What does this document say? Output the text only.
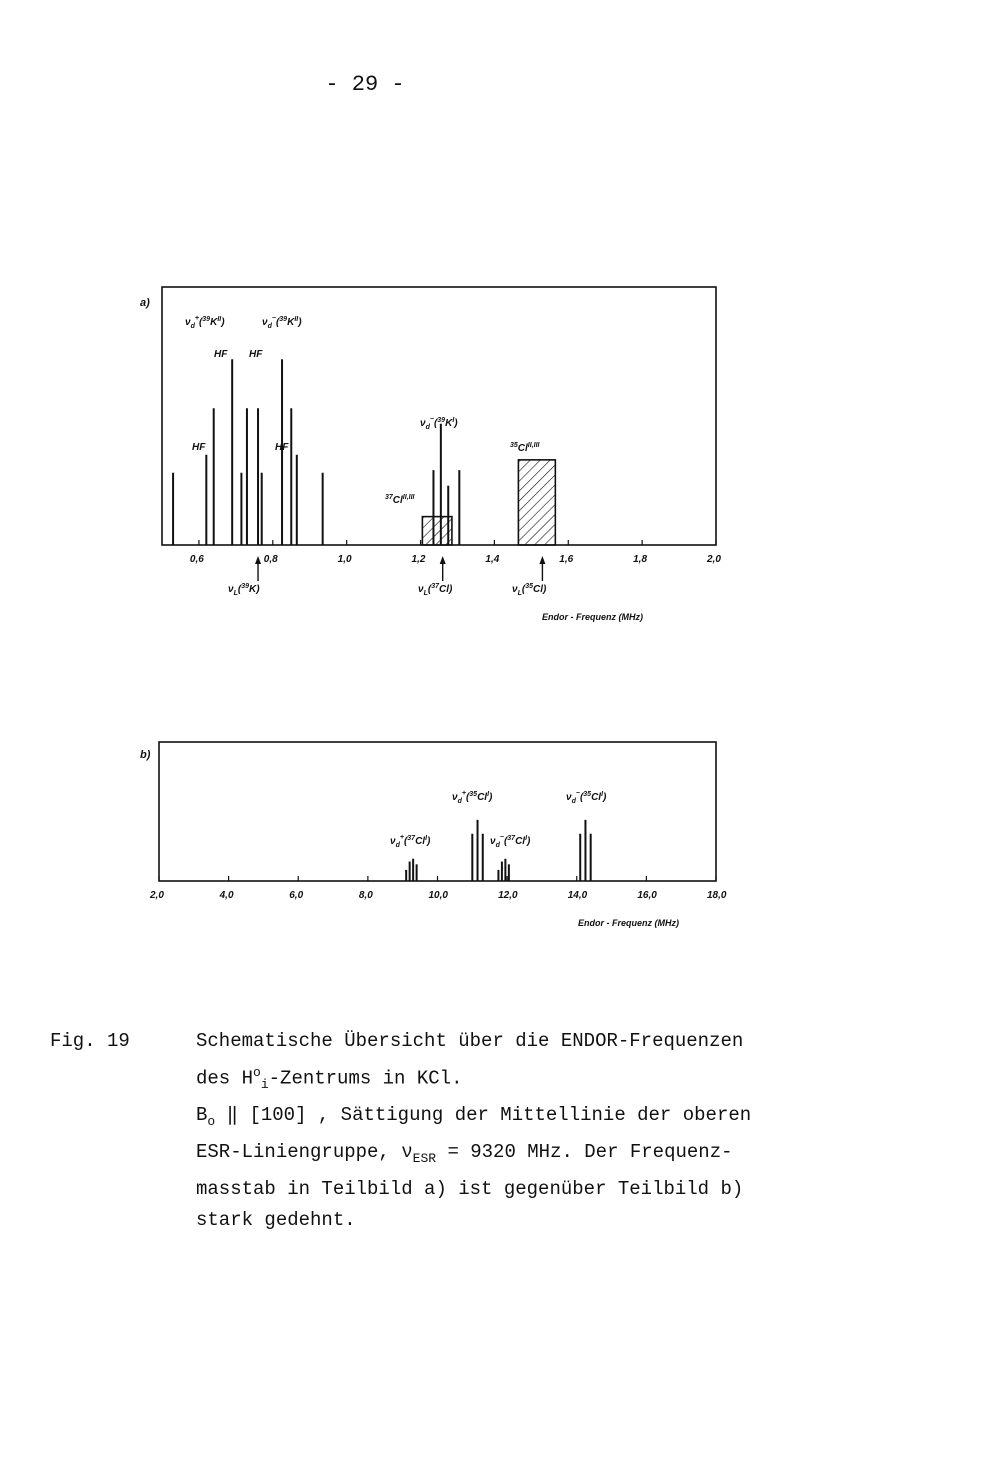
- 29 -
a)
0,6	0,8	1,0	1,2	1,4	1,6	1,8	2,0
$\nu_d^+(^{39}K^{II})$	$\nu_d^-(^{39}K^{II})$
HF HF
HF	HF
$\nu_d^-(^{39}K^I)$
$^{37}Cl^{II,III}$
$^{35}Cl^{II,III}$
$\nu_L(^{39}K)$	$\nu_L(^{37}Cl)$	$\nu_L(^{35}Cl)$
Endor - Frequenz (MHz)
b)
2,0	4,0	6,0	8,0	10,0	12,0	14,0	16,0	18,0
$\nu_d^+(^{35}Cl^I)$	$\nu_d^-(^{35}Cl^I)$
$\nu_d^+(^{37}Cl^I)$	$\nu_d^-(^{37}Cl^I)$
Endor - Frequenz (MHz)
Fig. 19	Schematische Übersicht über die ENDOR-Frequenzen
des $H^o_i$-Zentrums in KCl.
$B_o$ ‖ [100] , Sättigung der Mittellinie der oberen
ESR-Liniengruppe, $\nu_{ESR} = 9320$ MHz. Der Frequenz-
masstab in Teilbild a) ist gegenüber Teilbild b)
stark gedehnt.
